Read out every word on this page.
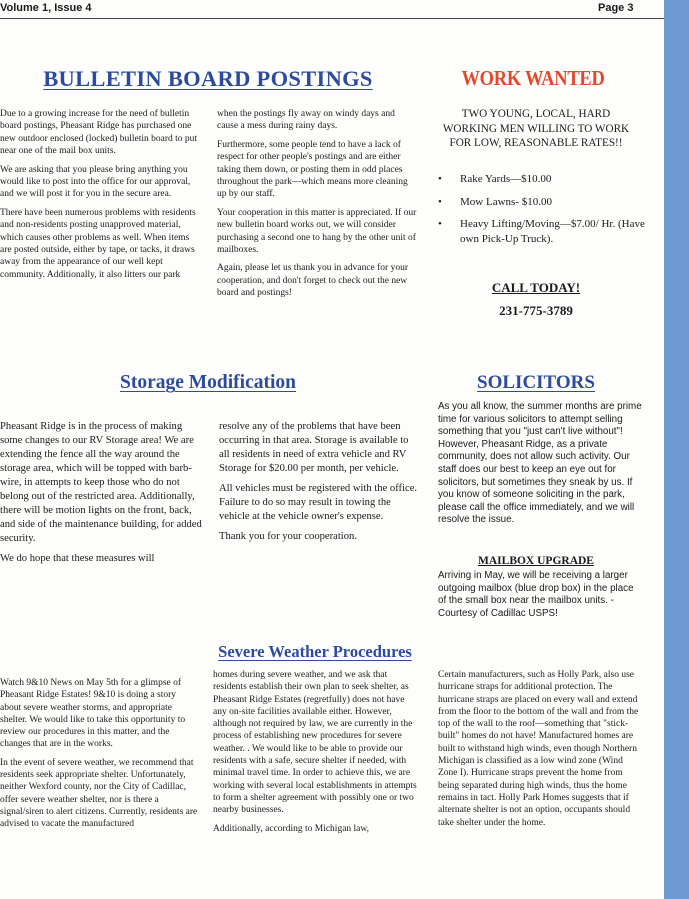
Volume 1, Issue 4	Page 3
BULLETIN BOARD POSTINGS

Due to a growing increase for the need of bulletin board postings, Pheasant Ridge has purchased one new outdoor enclosed (locked) bulletin board to put near one of the mail box units.

We are asking that you please bring anything you would like to post into the office for our approval, and we will post it for you in the secure area.

There have been numerous problems with residents and non-residents posting unapproved material, which causes other problems as well. When items are posted outside, either by tape, or tacks, it draws away from the appearance of our well kept community. Additionally, it also litters our park

when the postings fly away on windy days and cause a mess during rainy days.

Furthermore, some people tend to have a lack of respect for other people's postings and are either taking them down, or posting them in odd places throughout the park—which means more cleaning up by our staff.

Your cooperation in this matter is appreciated. If our new bulletin board works out, we will consider purchasing a second one to hang by the other unit of mailboxes.

Again, please let us thank you in advance for your cooperation, and don't forget to check out the new board and postings!

WORK WANTED
TWO YOUNG, LOCAL, HARD WORKING MEN WILLING TO WORK FOR LOW, REASONABLE RATES!!
• Rake Yards—$10.00
• Mow Lawns- $10.00
• Heavy Lifting/Moving—$7.00/ Hr. (Have own Pick-Up Truck).
CALL TODAY!
231-775-3789
Storage Modification

Pheasant Ridge is in the process of making some changes to our RV Storage area! We are extending the fence all the way around the storage area, which will be topped with barb-wire, in attempts to keep those who do not belong out of the restricted area. Additionally, there will be motion lights on the front, back, and side of the maintenance building, for added security.

We do hope that these measures will

resolve any of the problems that have been occurring in that area. Storage is available to all residents in need of extra vehicle and RV Storage for $20.00 per month, per vehicle.

All vehicles must be registered with the office. Failure to do so may result in towing the vehicle at the vehicle owner's expense.

Thank you for your cooperation.

SOLICITORS
As you all know, the summer months are prime time for various solicitors to attempt selling something that you "just can't live without"! However, Pheasant Ridge, as a private community, does not allow such activity. Our staff does our best to keep an eye out for solicitors, but sometimes they sneak by us. If you know of someone soliciting in the park, please call the office immediately, and we will resolve the issue.
MAILBOX UPGRADE
Arriving in May, we will be receiving a larger outgoing mailbox (blue drop box) in the place of the small box near the mailbox units. - Courtesy of Cadillac USPS!
Severe Weather Procedures

Watch 9&10 News on May 5th for a glimpse of Pheasant Ridge Estates! 9&10 is doing a story about severe weather storms, and appropriate shelter. We would like to take this opportunity to review our procedures in this matter, and the changes that are in the works.

In the event of severe weather, we recommend that residents seek appropriate shelter. Unfortunately, neither Wexford county, nor the City of Cadillac, offer severe weather shelter, nor is there a signal/siren to alert citizens. Currently, residents are advised to vacate the manufactured

homes during severe weather, and we ask that residents establish their own plan to seek shelter, as Pheasant Ridge Estates (regretfully) does not have any on-site facilities available either. However, although not required by law, we are currently in the process of establishing new procedures for severe weather. . We would like to be able to provide our residents with a safe, secure shelter if needed, with minimal travel time. In order to achieve this, we are working with several local establishments in attempts to form a shelter agreement with possibly one or two nearby businesses.

Additionally, according to Michigan law,

Certain manufacturers, such as Holly Park, also use hurricane straps for additional protection. The hurricane straps are placed on every wall and extend from the floor to the bottom of the wall and from the top of the wall to the roof—something that "stick-built" homes do not have! Manufactured homes are built to withstand high winds, even though Northern Michigan is classified as a low wind zone (Wind Zone I). Hurricane straps prevent the home from being separated during high winds, thus the home remains in tact. Holly Park Homes suggests that if alternate shelter is not an option, occupants should take shelter under the home.
